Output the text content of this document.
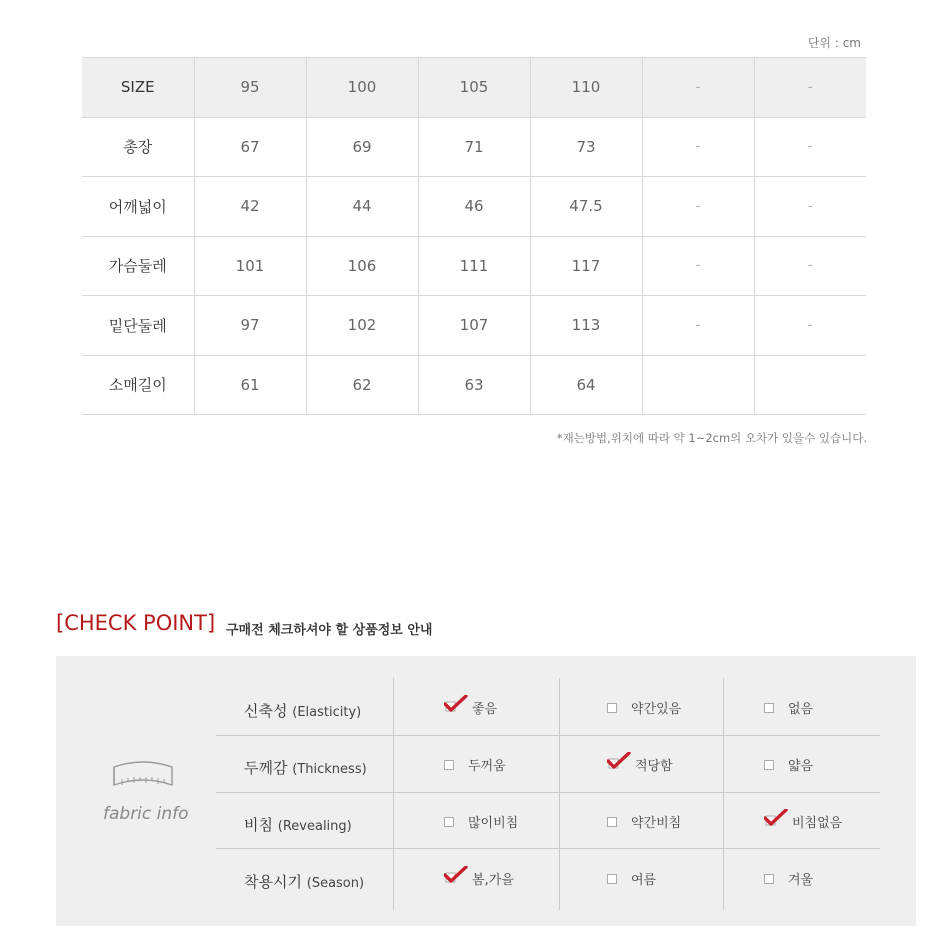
단위 : cm
SIZE	95	100	105	110	-	-
총장	67	69	71	73	-	-
어깨넓이	42	44	46	47.5	-	-
가슴둘레	101	106	111	117	-	-
밑단둘레	97	102	107	113	-	-
소매길이	61	62	63	64		
*재는방법,위치에 따라 약 1~2cm의 오차가 있을수 있습니다.
[CHECK POINT] 구매전 체크하셔야 할 상품정보 안내
fabric info
신축성 (Elasticity)	좋음	약간있음	없음
두께감 (Thickness)	두꺼움	적당함	얇음
비침 (Revealing)	많이비침	약간비침	비침없음
착용시기 (Season)	봄,가을	여름	겨울
